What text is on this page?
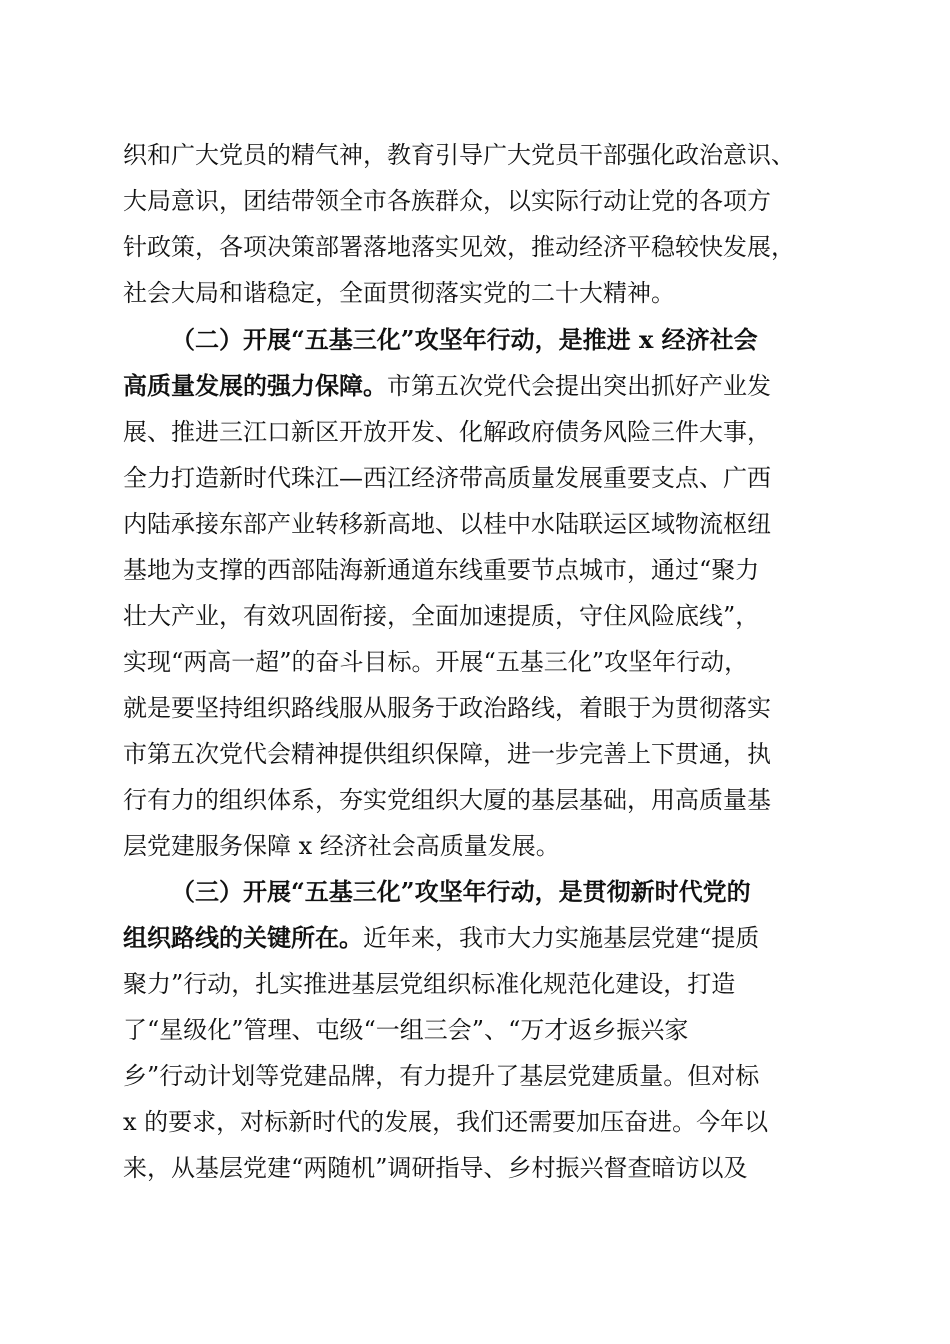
织和广大党员的精气神，教育引导广大党员干部强化政治意识、
大局意识，团结带领全市各族群众，以实际行动让党的各项方
针政策，各项决策部署落地落实见效，推动经济平稳较快发展，
社会大局和谐稳定，全面贯彻落实党的二十大精神。
（二）开展“五基三化”攻坚年行动，是推进 x 经济社会
高质量发展的强力保障。市第五次党代会提出突出抓好产业发
展、推进三江口新区开放开发、化解政府债务风险三件大事，
全力打造新时代珠江—西江经济带高质量发展重要支点、广西
内陆承接东部产业转移新高地、以桂中水陆联运区域物流枢纽
基地为支撑的西部陆海新通道东线重要节点城市，通过“聚力
壮大产业，有效巩固衔接，全面加速提质，守住风险底线”，
实现“两高一超”的奋斗目标。开展“五基三化”攻坚年行动，
就是要坚持组织路线服从服务于政治路线，着眼于为贯彻落实
市第五次党代会精神提供组织保障，进一步完善上下贯通，执
行有力的组织体系，夯实党组织大厦的基层基础，用高质量基
层党建服务保障 x 经济社会高质量发展。
（三）开展“五基三化”攻坚年行动，是贯彻新时代党的
组织路线的关键所在。近年来，我市大力实施基层党建“提质
聚力”行动，扎实推进基层党组织标准化规范化建设，打造
了“星级化”管理、屯级“一组三会”、“万才返乡振兴家
乡”行动计划等党建品牌，有力提升了基层党建质量。但对标
x 的要求，对标新时代的发展，我们还需要加压奋进。今年以
来，从基层党建“两随机”调研指导、乡村振兴督查暗访以及
